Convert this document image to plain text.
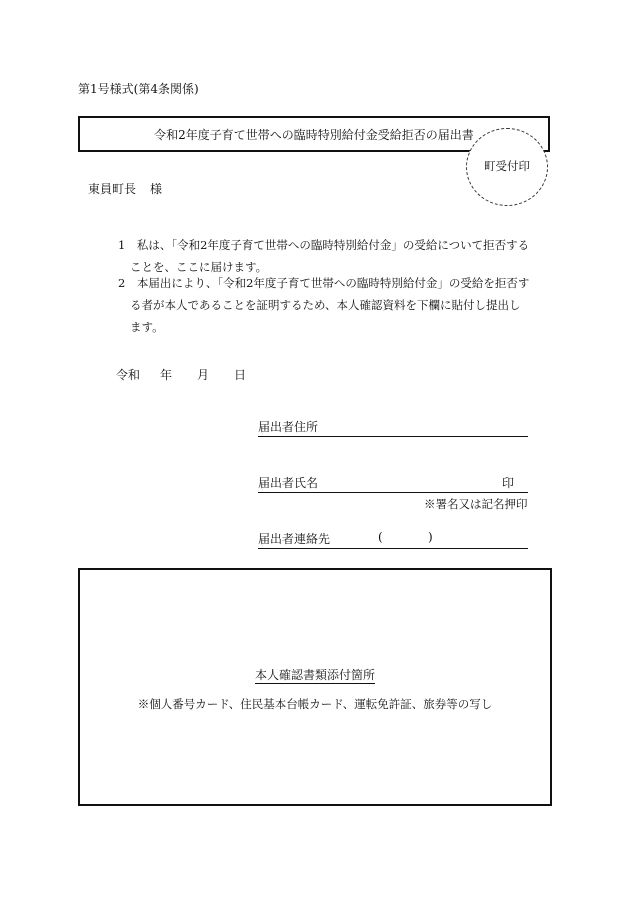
第1号様式(第4条関係)
令和2年度子育て世帯への臨時特別給付金受給拒否の届出書
町受付印
東員町長 様
1　私は、「令和2年度子育て世帯への臨時特別給付金」の受給について拒否することを、ここに届けます。
2　本届出により、「令和2年度子育て世帯への臨時特別給付金」の受給を拒否する者が本人であることを証明するため、本人確認資料を下欄に貼付し提出します。
令和 年 月 日
届出者住所
届出者氏名	印
※署名又は記名押印
届出者連絡先	(	)
本人確認書類添付箇所
※個人番号カード、住民基本台帳カード、運転免許証、旅券等の写し
